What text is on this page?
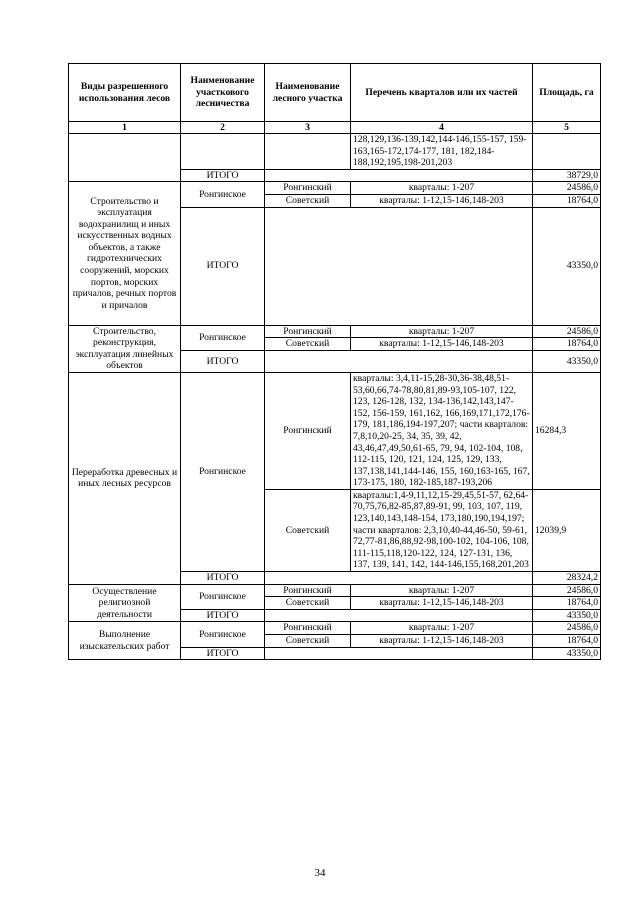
Виды разрешенного использования лесов	Наименование участкового лесничества	Наименование лесного участка	Перечень кварталов или их частей	Площадь, га
1	2	3	4	5
			128,129,136-139,142,144-146,155-157, 159-163,165-172,174-177, 181, 182,184-188,192,195,198-201,203	
	ИТОГО			38729,0
Строительство и эксплуатация водохранилищ и иных искусственных водных объектов, а также гидротехнических сооружений, морских портов, морских причалов, речных портов и причалов	Ронгинское	Ронгинский	кварталы: 1-207	24586,0
		Советский	кварталы: 1-12,15-146,148-203	18764,0
	ИТОГО			43350,0
Строительство, реконструкция, эксплуатация линейных объектов	Ронгинское	Ронгинский	кварталы: 1-207	24586,0
		Советский	кварталы: 1-12,15-146,148-203	18764,0
	ИТОГО			43350,0
Переработка древесных и иных лесных ресурсов	Ронгинское	Ронгинский	кварталы: 3,4,11-15,28-30,36-38,48,51-53,60,66,74-78,80,81,89-93,105-107, 122, 123, 126-128, 132, 134-136,142,143,147-152, 156-159, 161,162, 166,169,171,172,176-179, 181,186,194-197,207; части кварталов: 7,8,10,20-25, 34, 35, 39, 42, 43,46,47,49,50,61-65, 79, 94, 102-104, 108, 112-115, 120, 121, 124, 125, 129, 133, 137,138,141,144-146, 155, 160,163-165, 167, 173-175, 180, 182-185,187-193,206	16284,3
		Советский	кварталы:1,4-9,11,12,15-29,45,51-57, 62,64-70,75,76,82-85,87,89-91, 99, 103, 107, 119, 123,140,143,148-154, 173,180,190,194,197; части кварталов: 2,3,10,40-44,46-50, 59-61, 72,77-81,86,88,92-98,100-102, 104-106, 108, 111-115,118,120-122, 124, 127-131, 136, 137, 139, 141, 142, 144-146,155,168,201,203	12039,9
	ИТОГО			28324,2
Осуществление религиозной деятельности	Ронгинское	Ронгинский	кварталы: 1-207	24586,0
		Советский	кварталы: 1-12,15-146,148-203	18764,0
	ИТОГО			43350,0
Выполнение изыскательских работ	Ронгинское	Ронгинский	кварталы: 1-207	24586,0
		Советский	кварталы: 1-12,15-146,148-203	18764,0
	ИТОГО			43350,0
34
